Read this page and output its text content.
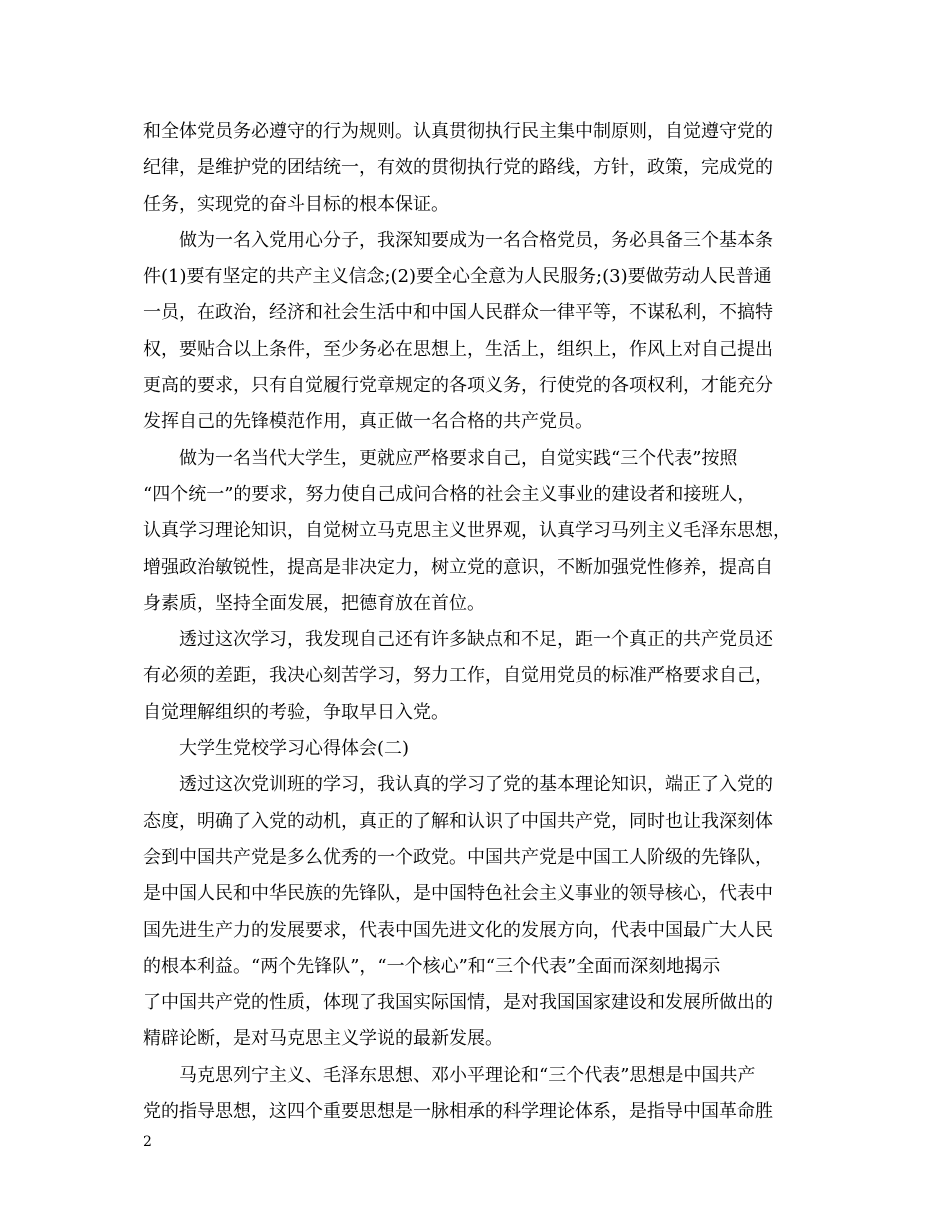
和全体党员务必遵守的行为规则。认真贯彻执行民主集中制原则，自觉遵守党的
纪律，是维护党的团结统一，有效的贯彻执行党的路线，方针，政策，完成党的
任务，实现党的奋斗目标的根本保证。
做为一名入党用心分子，我深知要成为一名合格党员，务必具备三个基本条
件(1)要有坚定的共产主义信念;(2)要全心全意为人民服务;(3)要做劳动人民普通
一员，在政治，经济和社会生活中和中国人民群众一律平等，不谋私利，不搞特
权，要贴合以上条件，至少务必在思想上，生活上，组织上，作风上对自己提出
更高的要求，只有自觉履行党章规定的各项义务，行使党的各项权利，才能充分
发挥自己的先锋模范作用，真正做一名合格的共产党员。
做为一名当代大学生，更就应严格要求自己，自觉实践“三个代表”按照
“四个统一”的要求，努力使自己成问合格的社会主义事业的建设者和接班人，
认真学习理论知识，自觉树立马克思主义世界观，认真学习马列主义毛泽东思想，
增强政治敏锐性，提高是非决定力，树立党的意识，不断加强党性修养，提高自
身素质，坚持全面发展，把德育放在首位。
透过这次学习，我发现自己还有许多缺点和不足，距一个真正的共产党员还
有必须的差距，我决心刻苦学习，努力工作，自觉用党员的标准严格要求自己，
自觉理解组织的考验，争取早日入党。
大学生党校学习心得体会(二)
透过这次党训班的学习，我认真的学习了党的基本理论知识，端正了入党的
态度，明确了入党的动机，真正的了解和认识了中国共产党，同时也让我深刻体
会到中国共产党是多么优秀的一个政党。中国共产党是中国工人阶级的先锋队，
是中国人民和中华民族的先锋队，是中国特色社会主义事业的领导核心，代表中
国先进生产力的发展要求，代表中国先进文化的发展方向，代表中国最广大人民
的根本利益。“两个先锋队”，“一个核心”和“三个代表”全面而深刻地揭示
了中国共产党的性质，体现了我国实际国情，是对我国国家建设和发展所做出的
精辟论断，是对马克思主义学说的最新发展。
马克思列宁主义、毛泽东思想、邓小平理论和“三个代表”思想是中国共产
党的指导思想，这四个重要思想是一脉相承的科学理论体系，是指导中国革命胜
2
